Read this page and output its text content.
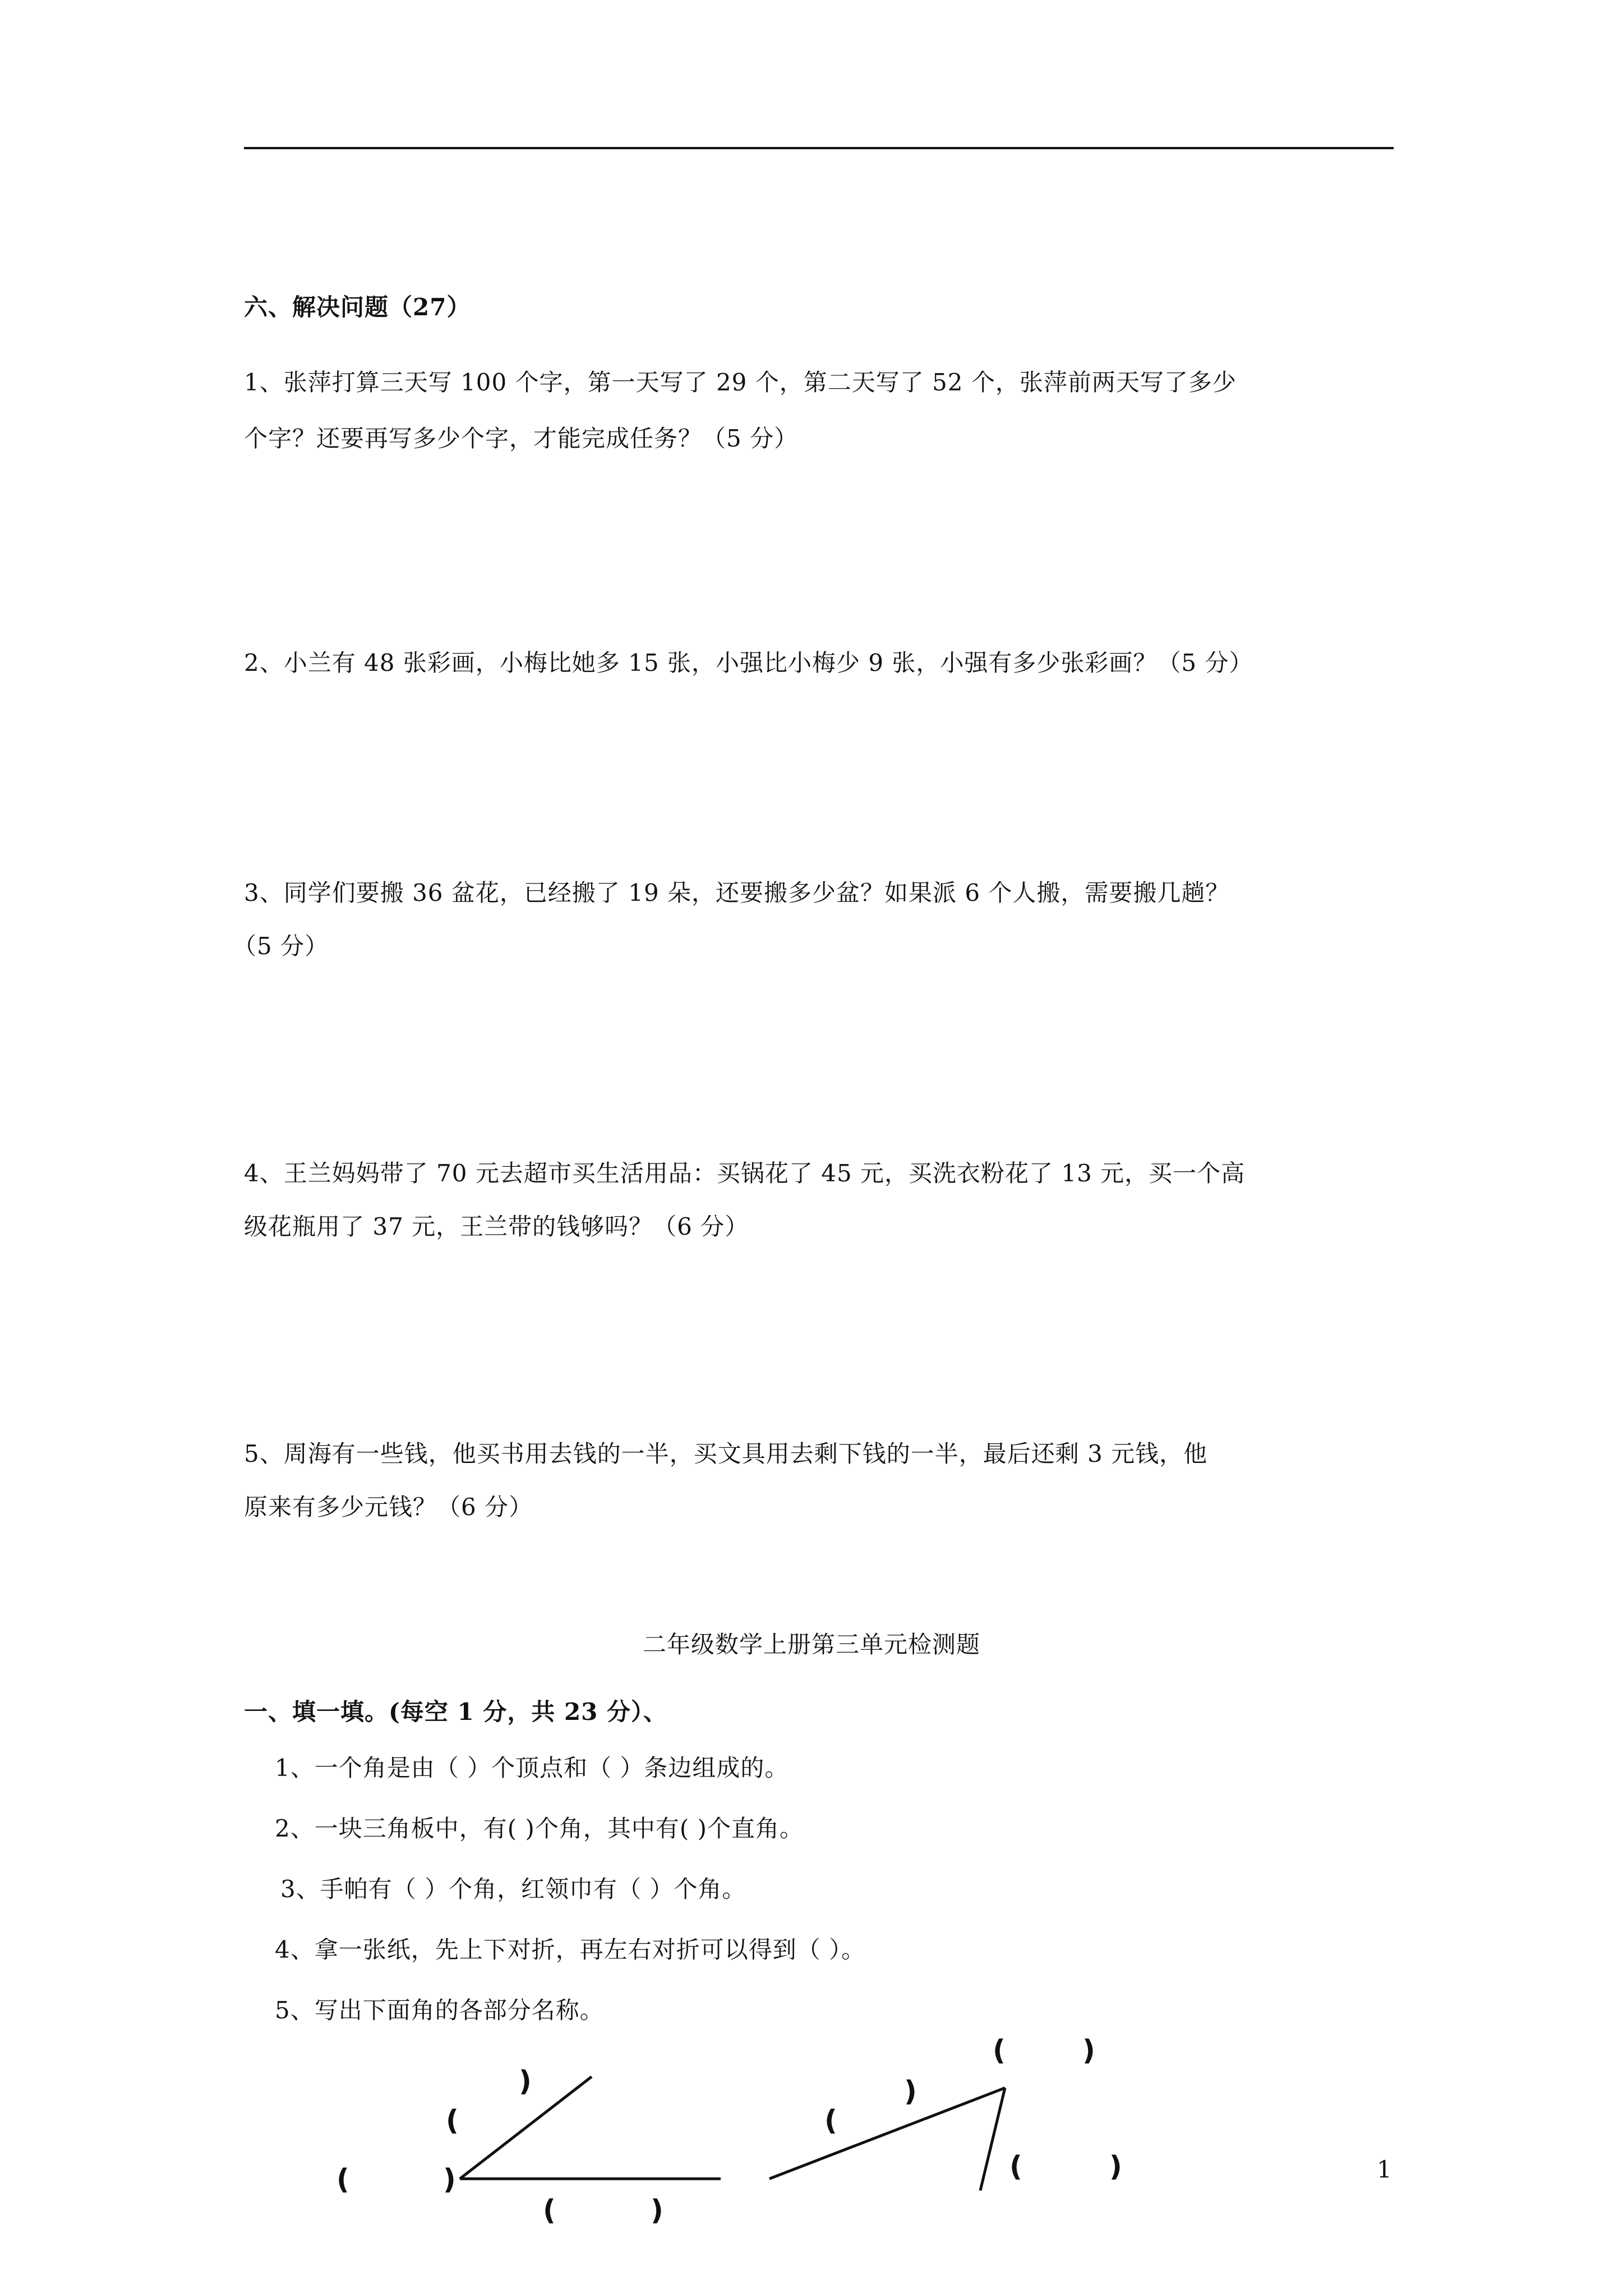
六、解决问题（27）
1、张萍打算三天写 100 个字，第一天写了 29 个，第二天写了 52 个，张萍前两天写了多少
个字？还要再写多少个字，才能完成任务？（5 分）
2、小兰有 48 张彩画，小梅比她多 15 张，小强比小梅少 9 张，小强有多少张彩画？（5 分）
3、同学们要搬 36 盆花，已经搬了 19 朵，还要搬多少盆？如果派 6 个人搬，需要搬几趟？
（5 分）
4、王兰妈妈带了 70 元去超市买生活用品：买锅花了 45 元，买洗衣粉花了 13 元，买一个高
级花瓶用了 37 元，王兰带的钱够吗？（6 分）
5、周海有一些钱，他买书用去钱的一半，买文具用去剩下钱的一半，最后还剩 3 元钱，他
原来有多少元钱？（6 分）
二年级数学上册第三单元检测题
一、填一填。(每空 1 分，共 23 分）、
1、一个角是由（ ）个顶点和（ ）条边组成的。
2、一块三角板中，有( )个角，其中有( )个直角。
3、手帕有（ ）个角，红领巾有（ ）个角。
4、拿一张纸，先上下对折，再左右对折可以得到（ ）。
5、写出下面角的各部分名称。
(	)
(
)
(	)
(
)
(	)
(	)	1
